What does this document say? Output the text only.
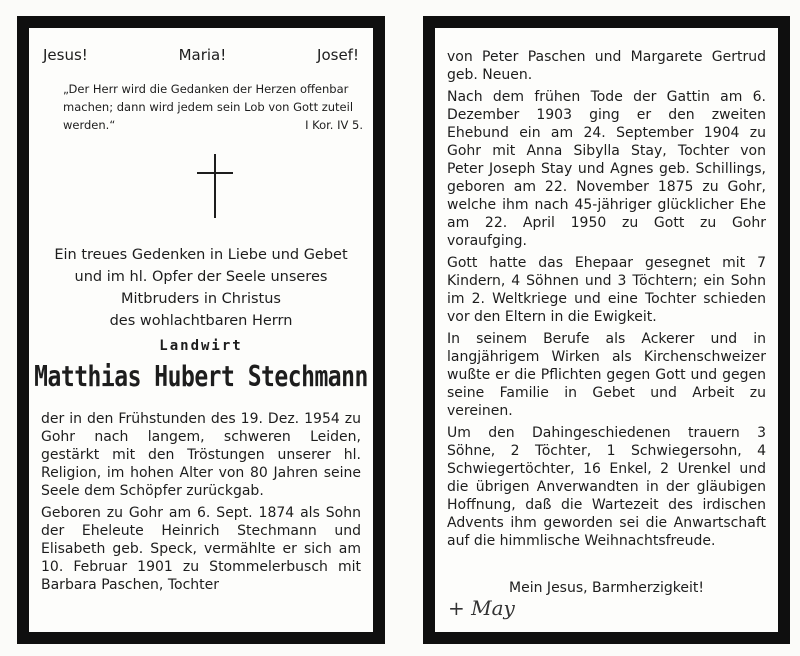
Jesus!	Maria!	Josef!
„Der Herr wird die Gedanken der Herzen offenbar machen; dann wird jedem sein Lob von Gott zuteil werden.“	I Kor. IV 5.
Ein treues Gedenken in Liebe und Gebet
und im hl. Opfer der Seele unseres
Mitbruders in Christus
des wohlachtbaren Herrn
Landwirt
Matthias Hubert Stechmann

der in den Frühstunden des 19. Dez. 1954 zu Gohr nach langem, schweren Leiden, gestärkt mit den Tröstungen unserer hl. Religion, im hohen Alter von 80 Jahren seine Seele dem Schöpfer zurückgab.

Geboren zu Gohr am 6. Sept. 1874 als Sohn der Eheleute Heinrich Stechmann und Elisabeth geb. Speck, vermählte er sich am 10. Februar 1901 zu Stommelerbusch mit Barbara Paschen, Tochter

von Peter Paschen und Margarete Gertrud geb. Neuen.

Nach dem frühen Tode der Gattin am 6. Dezember 1903 ging er den zweiten Ehebund ein am 24. September 1904 zu Gohr mit Anna Sibylla Stay, Tochter von Peter Joseph Stay und Agnes geb. Schillings, geboren am 22. November 1875 zu Gohr, welche ihm nach 45-jähriger glücklicher Ehe am 22. April 1950 zu Gott zu Gohr voraufging.

Gott hatte das Ehepaar gesegnet mit 7 Kindern, 4 Söhnen und 3 Töchtern; ein Sohn im 2. Weltkriege und eine Tochter schieden vor den Eltern in die Ewigkeit.

In seinem Berufe als Ackerer und in langjährigem Wirken als Kirchenschweizer wußte er die Pflichten gegen Gott und gegen seine Familie in Gebet und Arbeit zu vereinen.

Um den Dahingeschiedenen trauern 3 Söhne, 2 Töchter, 1 Schwiegersohn, 4 Schwiegertöchter, 16 Enkel, 2 Urenkel und die übrigen Anverwandten in der gläubigen Hoffnung, daß die Wartezeit des irdischen Advents ihm geworden sei die Anwartschaft auf die himmlische Weihnachtsfreude.

Mein Jesus, Barmherzigkeit!
+ May
